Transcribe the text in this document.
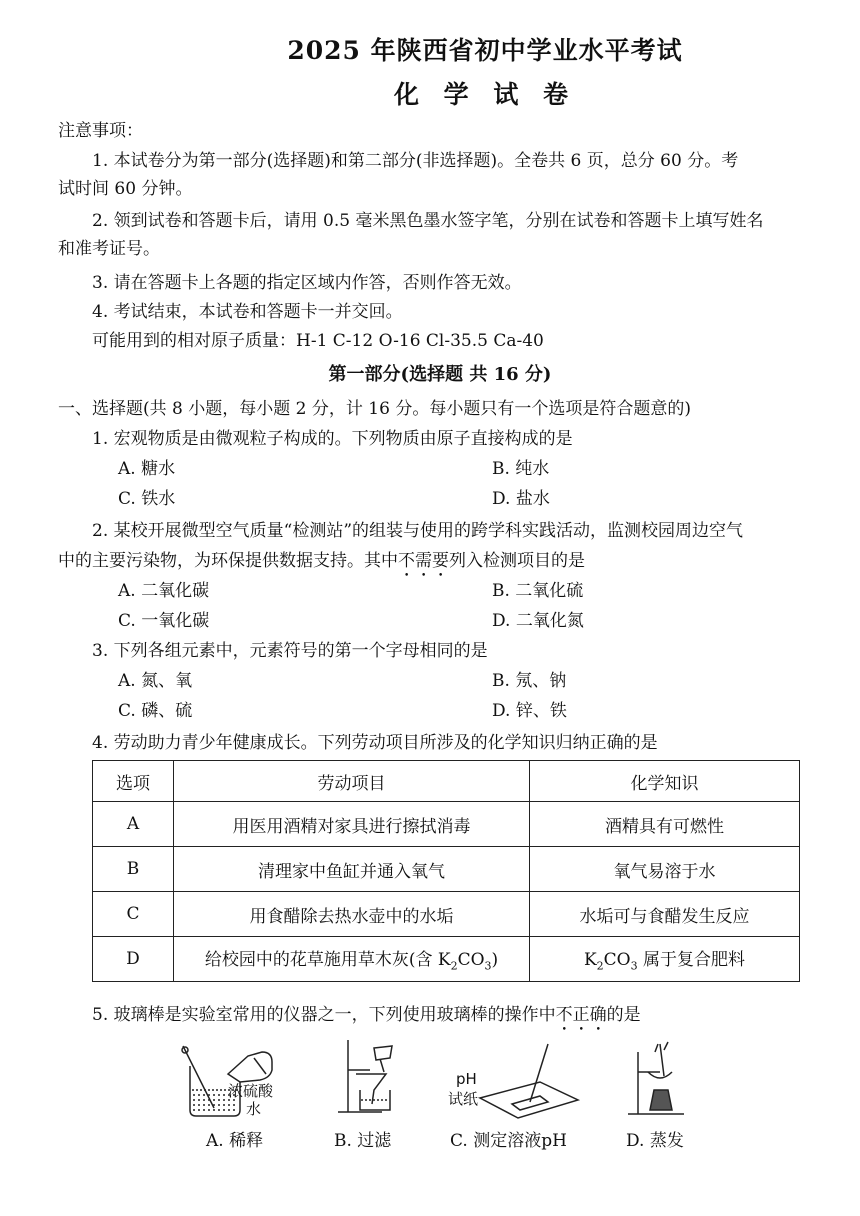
2025 年陕西省初中学业水平考试
化 学 试 卷
注意事项：
1. 本试卷分为第一部分(选择题)和第二部分(非选择题)。全卷共 6 页，总分 60 分。考
试时间 60 分钟。
2. 领到试卷和答题卡后，请用 0.5 毫米黑色墨水签字笔，分别在试卷和答题卡上填写姓名
和准考证号。
3. 请在答题卡上各题的指定区域内作答，否则作答无效。
4. 考试结束，本试卷和答题卡一并交回。
可能用到的相对原子质量：H-1 C-12 O-16 Cl-35.5 Ca-40
第一部分(选择题 共 16 分)
一、选择题(共 8 小题，每小题 2 分，计 16 分。每小题只有一个选项是符合题意的)
1. 宏观物质是由微观粒子构成的。下列物质由原子直接构成的是
A. 糖水	B. 纯水
C. 铁水	D. 盐水
2. 某校开展微型空气质量“检测站”的组装与使用的跨学科实践活动，监测校园周边空气
中的主要污染物，为环保提供数据支持。其中不需要列入检测项目的是
A. 二氧化碳	B. 二氧化硫
C. 一氧化碳	D. 二氧化氮
3. 下列各组元素中，元素符号的第一个字母相同的是
A. 氮、氧	B. 氖、钠
C. 磷、硫	D. 锌、铁
4. 劳动助力青少年健康成长。下列劳动项目所涉及的化学知识归纳正确的是
选项	劳动项目	化学知识
A	用医用酒精对家具进行擦拭消毒	酒精具有可燃性
B	清理家中鱼缸并通入氧气	氧气易溶于水
C	用食醋除去热水壶中的水垢	水垢可与食醋发生反应
D	给校园中的花草施用草木灰(含 $K_2CO_3$)	$K_2CO_3$ 属于复合肥料
5. 玻璃棒是实验室常用的仪器之一，下列使用玻璃棒的操作中不正确的是
浓硫酸
水
pH
试纸
A. 稀释	B. 过滤	C. 测定溶液pH	D. 蒸发
